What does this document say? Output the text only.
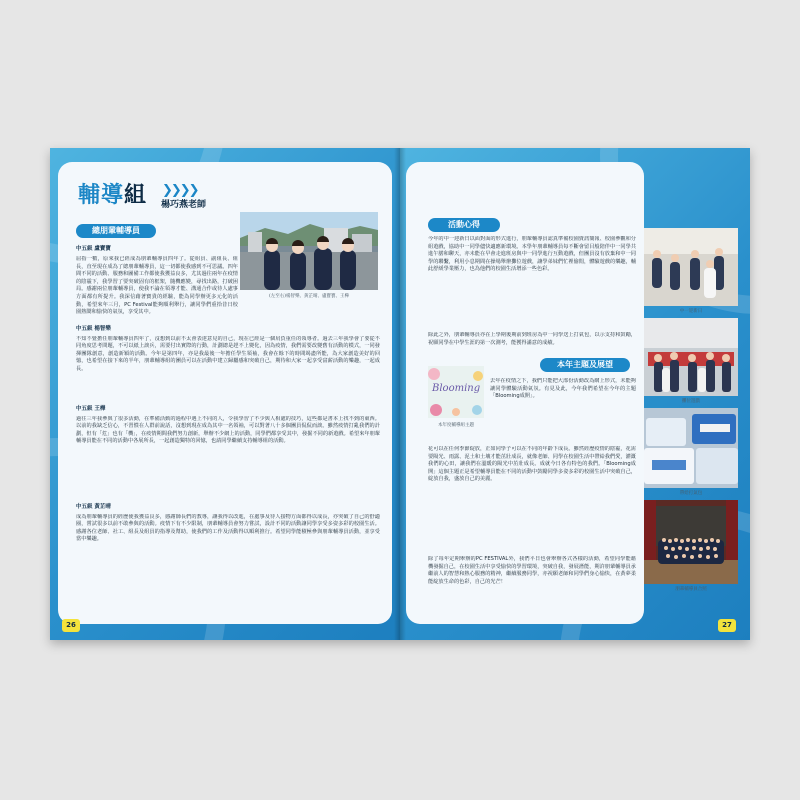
輔導組 ❯❯❯❯
楊巧燕老師
總朋輩輔導員
(左至右)楊智樂、黃芷晴、盧寶寶、王樺
中五級 盧寶寶
屈指一數，原來我已經成為朋輩輔導員四年了。從組員、副組長、組長，直至現在成為了總朋輩輔導員，這一切都使我感到不可思議。四年間不同的活動、服務和圖備工作都使我獲益良多，尤其過往兩年在疫情的陰霾下，我學習了要突破固有的框架，隨機應變，尋找出路，打破困局。感謝兩位朋輩輔導員，使我不論在領導才能、溝通合作或待人處事方面都有所提升。我深信藉著寶貴的經驗，能為同學辦更多元化的活動，希望來年三月，PC Festival能夠順利舉行，讓同學們重拾昔日校園熱鬧和愉快的氣氛，享受其中。
中五級 楊智樂
不知不覺擔任朋輩輔導員四年了，沒想到以前不太會表達意見的自己，現在已經是一個肩負重任的領導者。過去三年我學會了要從不同角度思考問題，不可以紙上談兵，需要付出實際的行動，計劃總是趕不上變化，因為疫情，我們需要改變舊有活動的模式，一同發揮團隊創意，創造新穎的活動。今年是第四年，亦是我最後一年擔任學生領袖，我會在餘下的時間竭盡所能，為大家創造美好的回憶，也希望在接下來的半年，朋輩輔導組的團員可以在活動中建立歸屬感和突破自己，期待和大家一起享受富薪活動的樂趣，一起成長。
中五級 王樺
過往三年我參與了很多活動，在準備活動的過程中遇上不同的人，令我學習了不少與人相處的技巧，這些都是書本上找不到的東西。以前的我缺乏信心，不習慣在人群前說話，沒想到現在成為其中一名領袖，可以對著八十多個團員侃侃而談。雖然疫情打亂我們的計劃，但有「危」也有「機」，在疫情期間我們努力創新，舉辦不少網上的活動，同學們都享受其中，發掘不同的新遊戲。希望來年朋輩輔導員能在不同的活動中各展所長，一起創造獨特的回憶，也請同學繼續支持輔導組的活動。
中五級 黃芷晴
成為朋輩輔導員的經歷使我獲益良多，感謝師長們的教導，讓我得以改進，在處事及待人接物方面都得以成長，亦突破了自己的舒適圈，嘗試很多以前不敢參與的活動。疫情下有不少限制，朋輩輔導員會努力嘗試，設計不同的活動讓同學享受多姿多彩的校園生活。感謝各位老師、社工、組長及組員的指導及幫助，使我們的工作及活動得以順利推行。希望同學能積極參與朋輩輔導員活動，並享受當中樂趣。
26
活動心得
今年的中一迎新日以面對面的形式進行，朋輩輔導員認真準備校園資訊簡報、校園參觀和分組遊戲，協助中一同學儘快適應新環境。本學年朋輩輔導員每不斷會留目般陪伴中一同學共進午膳和聊天，亦未能在早會走進班房與中一同學進行互動遊戲，但團員沒有放棄和中一同學的聯繫，利用小息期間在操場舉辦攤位遊戲，讓學弟妹們忙裡偷閒，體驗遊戲的樂趣，輔此舒緩學業壓力，也為他們的校園生活增添一些色彩。
除此之外，朋輩輔導員亦在上學期後期前到班房為中一同學送上打氣包，以示支持和鼓勵，祝願同學在中學生涯的第一次測考，能獲得滿意的成績。
本年主題及展望
Blooming
本年度輔導組主題
去年在疫情之下，我們只能把大部份活動改為網上形式，未能夠讓同學體驗活動氣氛。有見及此，今年我們希望在今年的主題「Blooming成開」。
花可以在任何季節綻放，正如同學子可以在不同的年齡下成長。雖然經歷疫情的陰霾，花需要陽光、雨露、泥土和土壤才能茁壯成長，就像老師、同學在校園生活中帶給我們愛，灌溉我們的心田，讓我們在溫暖的陽光中茁壯成長。成就今日各有特色的我們。「Blooming成開」這個主題正是希望輔導員能在不同的活動中鼓勵同學多姿多彩的校園生活中突破自己，綻放自我，盛放自己的美麗。
除了每年定期舉辦的PC FESTIVAL外，我們平日也會舉辦各式各樣的活動，希望同學能藉機發掘自己，在校園生活中享受愉快的學習環境，突破自我，發展潛能，期許朋輩輔導員承繼前人的智慧和熱心服務的精神，繼續服務同學，亦祝願老師和同學們身心愉快，在黃夢柔能綻放生命的色彩，自己的光芒！
中一迎新日
攤位遊戲
帶給打氣包
朋輩輔導員合照
27
